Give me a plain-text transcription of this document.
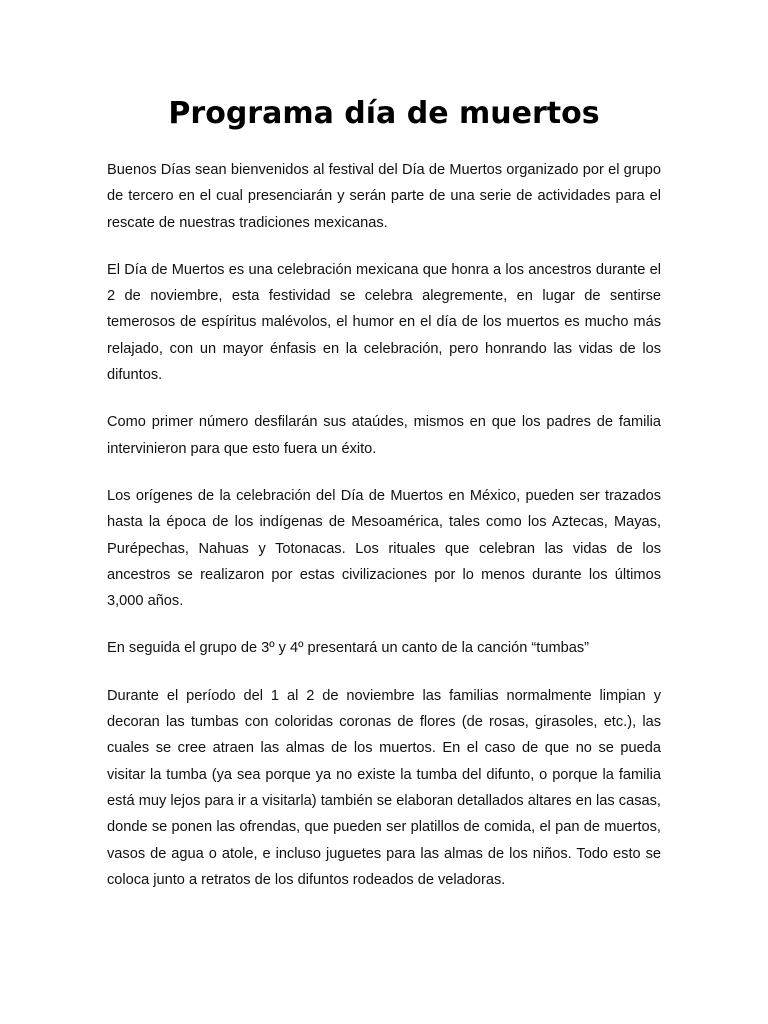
Programa día de muertos

Buenos Días sean bienvenidos al festival del Día de Muertos organizado por el grupo de tercero en el cual presenciarán y serán parte de una serie de actividades para el rescate de nuestras tradiciones mexicanas.

El Día de Muertos es una celebración mexicana que honra a los ancestros durante el 2 de noviembre, esta festividad se celebra alegremente, en lugar de sentirse temerosos de espíritus malévolos, el humor en el día de los muertos es mucho más relajado, con un mayor énfasis en la celebración, pero honrando las vidas de los difuntos.

Como primer número desfilarán sus ataúdes, mismos en que los padres de familia intervinieron para que esto fuera un éxito.

Los orígenes de la celebración del Día de Muertos en México, pueden ser trazados hasta la época de los indígenas de Mesoamérica, tales como los Aztecas, Mayas, Purépechas, Nahuas y Totonacas. Los rituales que celebran las vidas de los ancestros se realizaron por estas civilizaciones por lo menos durante los últimos 3,000 años.

En seguida el grupo de 3º y 4º presentará un canto de la canción “tumbas”

Durante el período del 1 al 2 de noviembre las familias normalmente limpian y decoran las tumbas con coloridas coronas de flores (de rosas, girasoles, etc.), las cuales se cree atraen las almas de los muertos. En el caso de que no se pueda visitar la tumba (ya sea porque ya no existe la tumba del difunto, o porque la familia está muy lejos para ir a visitarla) también se elaboran detallados altares en las casas, donde se ponen las ofrendas, que pueden ser platillos de comida, el pan de muertos, vasos de agua o atole, e incluso juguetes para las almas de los niños. Todo esto se coloca junto a retratos de los difuntos rodeados de veladoras.
